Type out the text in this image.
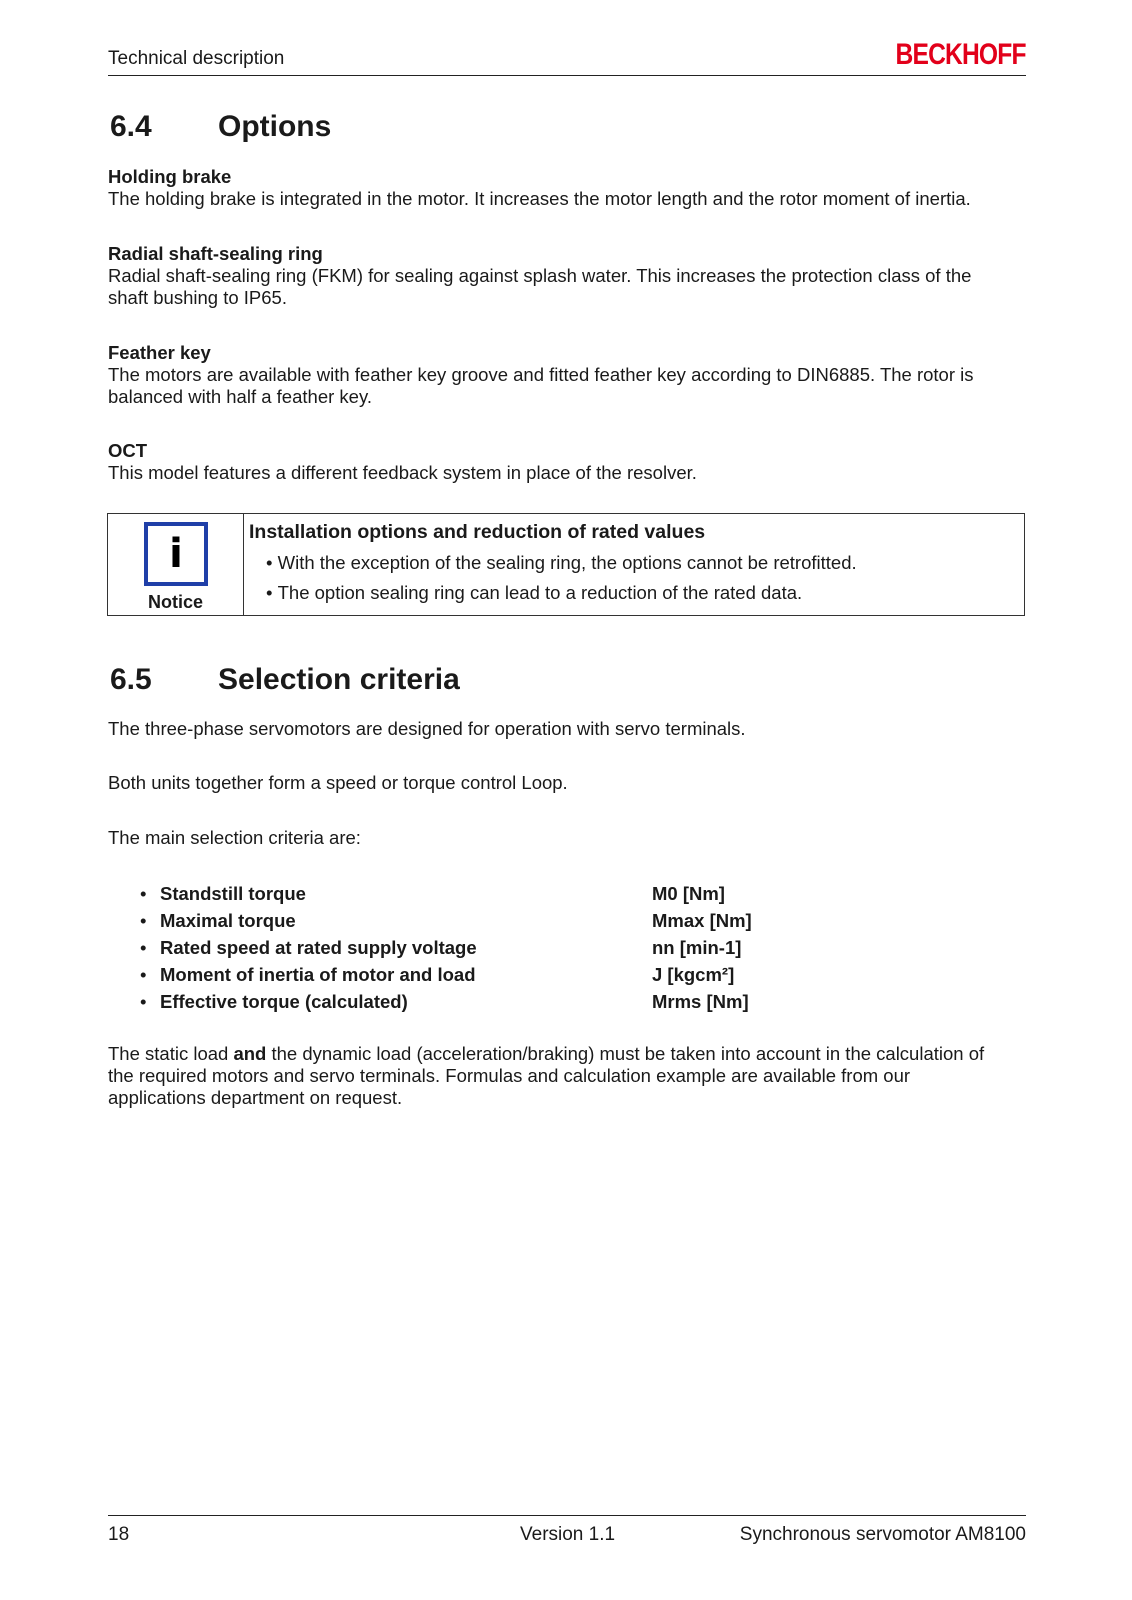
Technical description	BECKHOFF
6.4 Options
Holding brake
The holding brake is integrated in the motor. It increases the motor length and the rotor moment of inertia.
Radial shaft-sealing ring
Radial shaft-sealing ring (FKM) for sealing against splash water. This increases the protection class of the
shaft bushing to IP65.
Feather key
The motors are available with feather key groove and fitted feather key according to DIN6885. The rotor is
balanced with half a feather key.
OCT
This model features a different feedback system in place of the resolver.
i
Notice
Installation options and reduction of rated values
• With the exception of the sealing ring, the options cannot be retrofitted.
• The option sealing ring can lead to a reduction of the rated data.
6.5 Selection criteria
The three-phase servomotors are designed for operation with servo terminals.
Both units together form a speed or torque control Loop.
The main selection criteria are:
• Standstill torque	M0 [Nm]
• Maximal torque	Mmax [Nm]
• Rated speed at rated supply voltage	nn [min-1]
• Moment of inertia of motor and load	J [kgcm²]
• Effective torque (calculated)	Mrms [Nm]
The static load and the dynamic load (acceleration/braking) must be taken into account in the calculation of
the required motors and servo terminals. Formulas and calculation example are available from our
applications department on request.
18	Version 1.1	Synchronous servomotor AM8100
